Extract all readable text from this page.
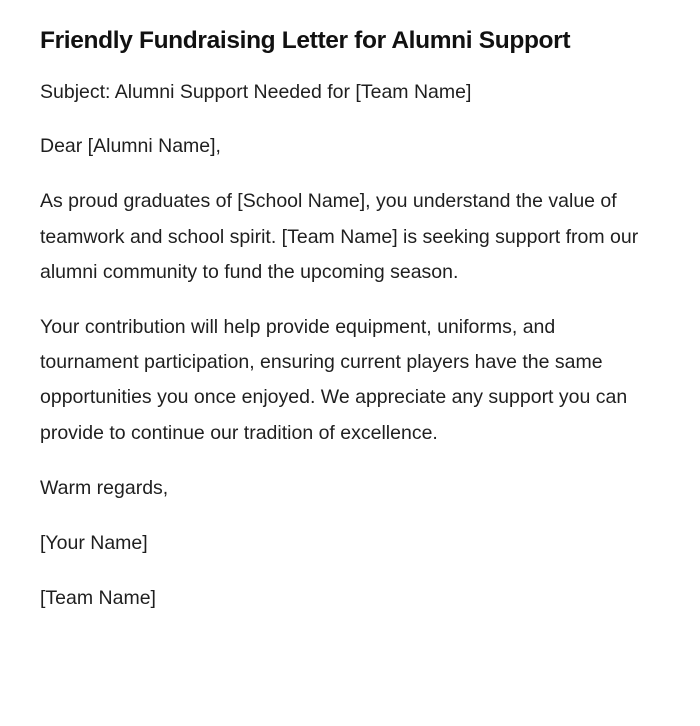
Friendly Fundraising Letter for Alumni Support

Subject: Alumni Support Needed for [Team Name]

Dear [Alumni Name],

As proud graduates of [School Name], you understand the value of teamwork and school spirit. [Team Name] is seeking support from our alumni community to fund the upcoming season.

Your contribution will help provide equipment, uniforms, and tournament participation, ensuring current players have the same opportunities you once enjoyed. We appreciate any support you can provide to continue our tradition of excellence.

Warm regards,

[Your Name]

[Team Name]
